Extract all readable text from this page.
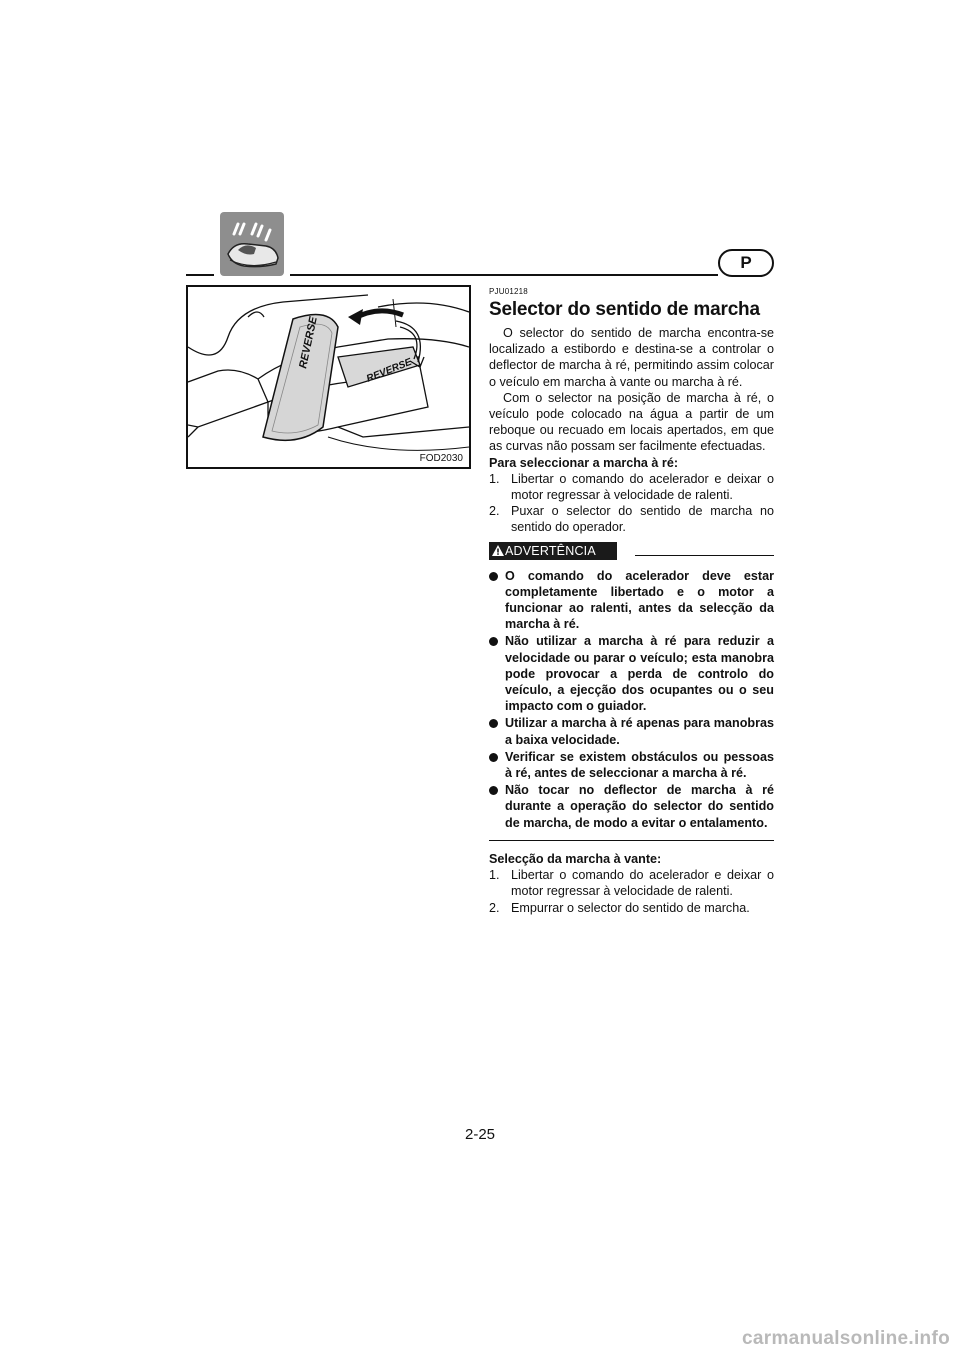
P
REVERSE
REVERSE
FOD2030
PJU01218
Selector do sentido de marcha

O selector do sentido de marcha encontra-se localizado a estibordo e destina-se a controlar o deflector de marcha à ré, permitindo assim colocar o veículo em marcha à vante ou marcha à ré.

Com o selector na posição de marcha à ré, o veículo pode colocado na água a partir de um reboque ou recuado em locais apertados, em que as curvas não possam ser facilmente efectuadas.

Para seleccionar a marcha à ré:
1. Libertar o comando do acelerador e deixar o motor regressar à velocidade de ralenti.
2. Puxar o selector do sentido de marcha no sentido do operador.
ADVERTÊNCIA
O comando do acelerador deve estar completamente libertado e o motor a funcionar ao ralenti, antes da selecção da marcha à ré.
Não utilizar a marcha à ré para reduzir a velocidade ou parar o veículo; esta manobra pode provocar a perda de controlo do veículo, a ejecção dos ocupantes ou o seu impacto com o guiador.
Utilizar a marcha à ré apenas para manobras a baixa velocidade.
Verificar se existem obstáculos ou pessoas à ré, antes de seleccionar a marcha à ré.
Não tocar no deflector de marcha à ré durante a operação do selector do sentido de marcha, de modo a evitar o entalamento.
Selecção da marcha à vante:
1. Libertar o comando do acelerador e deixar o motor regressar à velocidade de ralenti.
2. Empurrar o selector do sentido de marcha.
2-25
carmanualsonline.info
